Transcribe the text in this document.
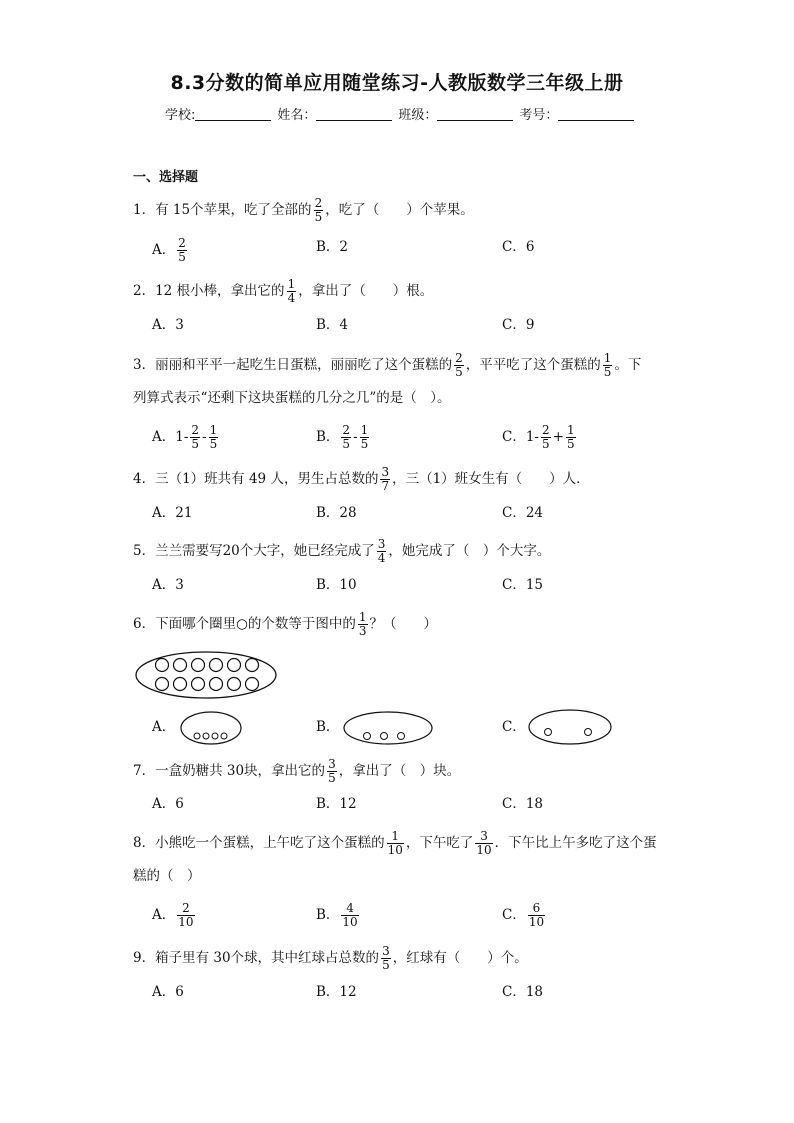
8.3分数的简单应用随堂练习-人教版数学三年级上册
学校:	姓名：	班级：	考号：
一、选择题
1．有 15个苹果，吃了全部的 $\frac{2}{5}$ ，吃了（　　）个苹果。
A． $\frac{2}{5}$	B．2	C．6
2．12 根小棒，拿出它的 $\frac{1}{4}$ ，拿出了（　　）根。
A．3	B．4	C．9
3．丽丽和平平一起吃生日蛋糕，丽丽吃了这个蛋糕的 $\frac{2}{5}$ ，平平吃了这个蛋糕的 $\frac{1}{5}$ 。下
列算式表示“还剩下这块蛋糕的几分之几”的是（　）。
A．$1- \frac{2}{5} - \frac{1}{5}$	B． $\frac{2}{5} - \frac{1}{5}$	C．$1- \frac{2}{5} + \frac{1}{5}$
4．三（1）班共有 49 人，男生占总数的 $\frac{3}{7}$ ，三（1）班女生有（　　）人．
A．21	B．28	C．24
5．兰兰需要写20个大字，她已经完成了 $\frac{3}{4}$ ，她完成了（　）个大字。
A．3	B．10	C．15
6．下面哪个圈里○的个数等于图中的 $\frac{1}{3}$ ？（　　）
A．	B．	C．
7．一盒奶糖共 30块，拿出它的 $\frac{3}{5}$ ，拿出了（　）块。
A．6	B．12	C．18
8．小熊吃一个蛋糕，上午吃了这个蛋糕的 $\frac{1}{10}$ ，下午吃了 $\frac{3}{10}$ ．下午比上午多吃了这个蛋
糕的（　）
A． $\frac{2}{10}$	B． $\frac{4}{10}$	C． $\frac{6}{10}$
9．箱子里有 30个球，其中红球占总数的 $\frac{3}{5}$ ，红球有（　　）个。
A．6	B．12	C．18
